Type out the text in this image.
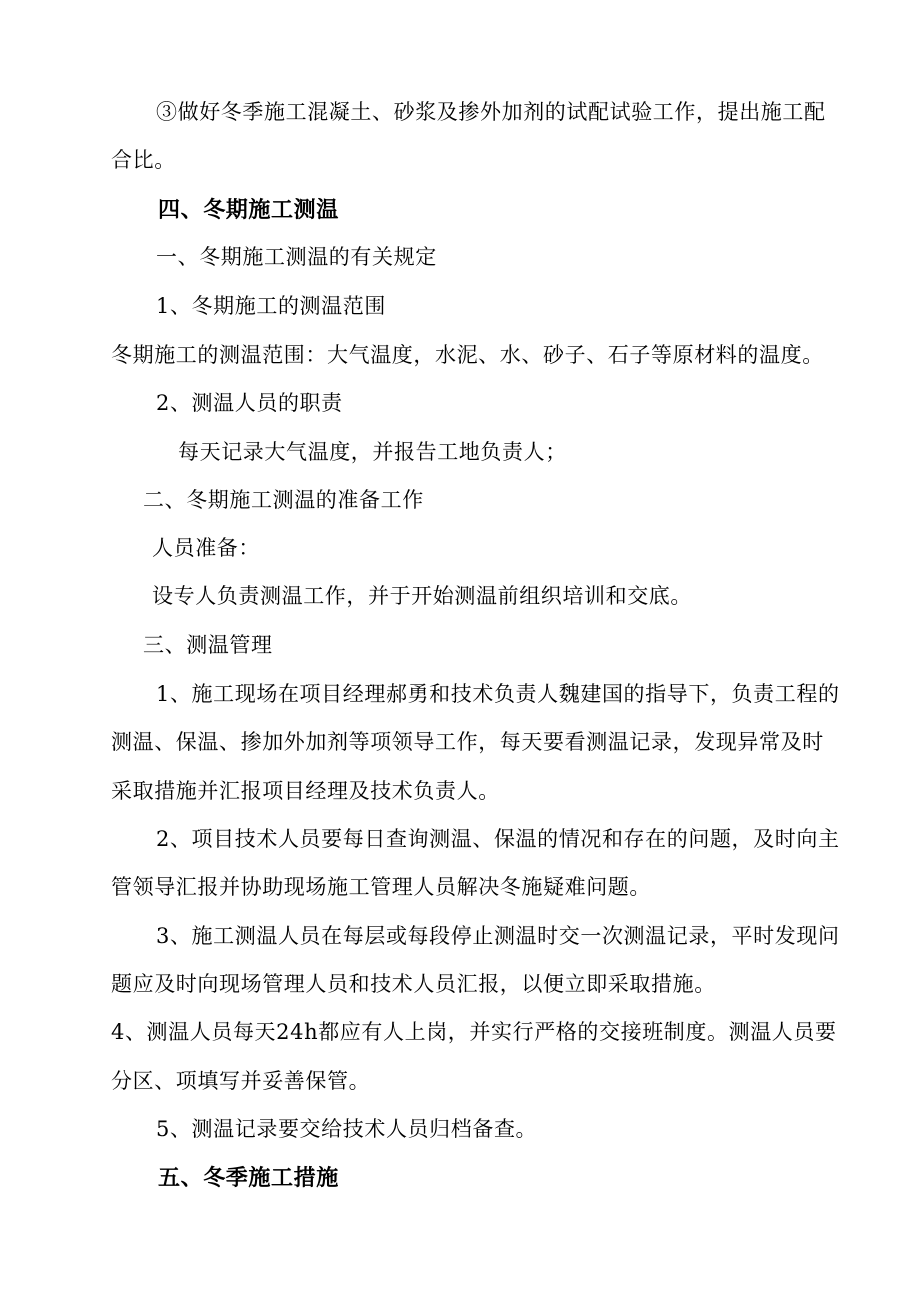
③做好冬季施工混凝土、砂浆及掺外加剂的试配试验工作，提出施工配
合比。
四、冬期施工测温
一、冬期施工测温的有关规定
1、冬期施工的测温范围
冬期施工的测温范围：大气温度，水泥、水、砂子、石子等原材料的温度。
2、测温人员的职责
每天记录大气温度，并报告工地负责人；
二、冬期施工测温的准备工作
人员准备：
设专人负责测温工作，并于开始测温前组织培训和交底。
三、测温管理
1、施工现场在项目经理郝勇和技术负责人魏建国的指导下，负责工程的
测温、保温、掺加外加剂等项领导工作，每天要看测温记录，发现异常及时
采取措施并汇报项目经理及技术负责人。
2、项目技术人员要每日查询测温、保温的情况和存在的问题，及时向主
管领导汇报并协助现场施工管理人员解决冬施疑难问题。
3、施工测温人员在每层或每段停止测温时交一次测温记录，平时发现问
题应及时向现场管理人员和技术人员汇报，以便立即采取措施。
4、测温人员每天24h都应有人上岗，并实行严格的交接班制度。测温人员要
分区、项填写并妥善保管。
5、测温记录要交给技术人员归档备查。
五、冬季施工措施
